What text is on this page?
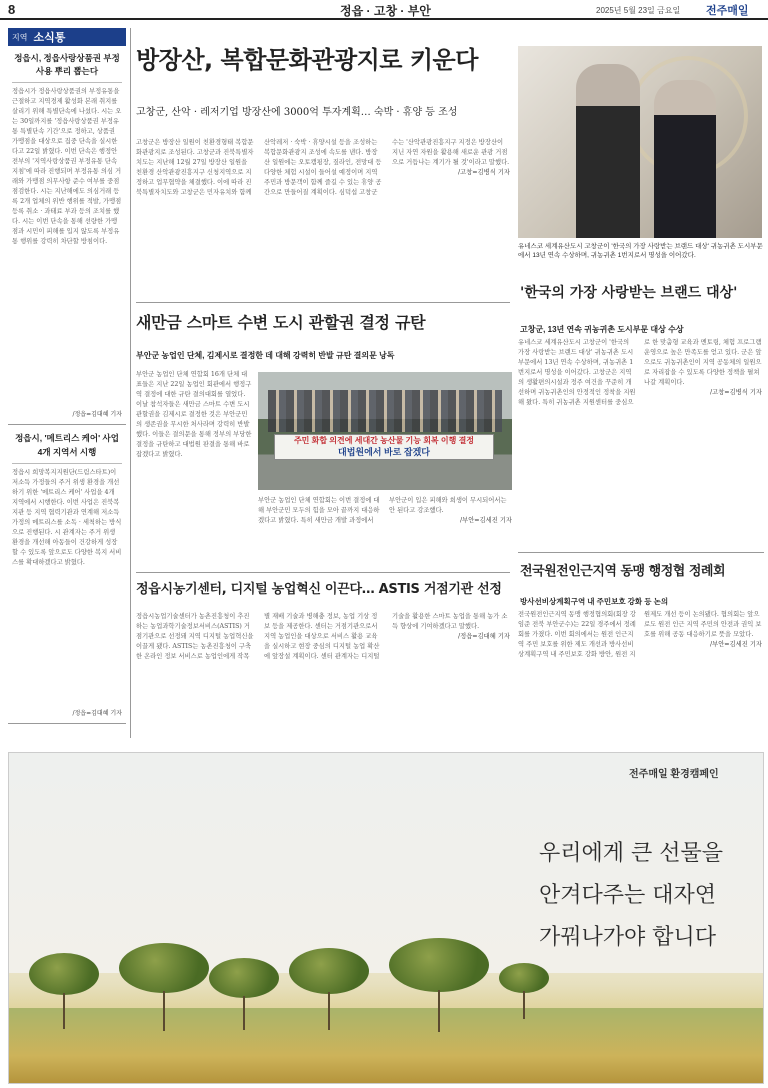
8	정읍 · 고창 · 부안	2025년 5월 23일 금요일 전주매일
지역 소식통
정읍시, 정읍사랑상품권 부정사용 뿌리 뽑는다
정읍시가 정읍사랑상품권의 부정유통을 근절하고 지역경제 활성화 본래 취지를 살리기 위해 특별단속에 나섰다. 시는 오는 30일까지를 '정읍사랑상품권 부정유통 특별단속 기간'으로 정하고, 상품권 가맹점을 대상으로 집중 단속을 실시한다고 22일 밝혔다. 이번 단속은 행정안전부의 '지역사랑상품권 부정유통 단속 지침'에 따라 진행되며 부정유통 의심 거래와 가맹점 의무사항 준수 여부를 중점 점검한다. 시는 지난해에도 의심거래 등록 2개 업체의 위반 행위를 적발, 가맹점 등록 취소 · 과태료 부과 등의 조치를 했다. 시는 이번 단속을 통해 선량한 가맹점과 시민이 피해를 입지 않도록 부정유통 행위를 강력히 차단할 방침이다.
/정읍=김대혜 기자
정읍시, '메트리스 케어' 사업 4개 지역서 시행
정읍시 희망복지지원단(드림스타트)이 저소득 가정들의 주거 위생 환경을 개선하기 위한 '메트리스 케어' 사업을 4개 지역에서 시행한다. 이번 사업은 진북복지관 등 지역 협력기관과 연계해 저소득 가정의 메트리스를 소독 · 세척하는 방식으로 진행된다. 시 관계자는 주거 위생 환경을 개선해 아동들이 건강하게 성장할 수 있도록 앞으로도 다양한 복지 서비스를 확대하겠다고 밝혔다.
/정읍=김대혜 기자
방장산, 복합문화관광지로 키운다
고창군, 산악 · 레저기업 방장산에 3000억 투자계획… 숙박 · 휴양 등 조성
고창군은 방장산 일원이 친환경형태 복합문화관광지로 조성된다. 고창군과 진북특별자치도는 지난해 12월 27일 방장산 일원을 친환경 산악관광진흥지구 신청지역으로 지정하고 업무협약을 체결했다. 이에 따라 진북특별자치도와 고창군은 민자유치와 함께 산악레저 · 숙박 · 휴양시설 등을 조성하는 복합문화관광지 조성에 속도를 낸다. 방장산 일원에는 오토캠핑장, 짚라인, 전망대 등 다양한 체험 시설이 들어설 예정이며 지역 주민과 방문객이 함께 즐길 수 있는 휴양 공간으로 만들어질 계획이다. 심덕섭 고창군수는 '산악관광진흥지구 지정은 방장산이 지닌 자연 자원을 활용해 새로운 관광 거점으로 거듭나는 계기가 될 것'이라고 말했다.
/고창=김병식 기자
유네스코 세계유산도시 고창군이 '한국의 가장 사랑받는 브랜드 대상' 귀농귀촌 도시부문에서 13년 연속 수상하며, 귀농귀촌 1번지로서 명성을 이어갔다.
'한국의 가장 사랑받는 브랜드 대상'
고창군, 13년 연속 귀농귀촌 도시부문 대상 수상
유네스코 세계유산도시 고창군이 '한국의 가장 사랑받는 브랜드 대상' 귀농귀촌 도시부문에서 13년 연속 수상하며, 귀농귀촌 1번지로서 명성을 이어갔다. 고창군은 지역의 생활편의시설과 정주 여건을 꾸준히 개선하며 귀농귀촌인의 안정적인 정착을 지원해 왔다. 특히 귀농귀촌 지원센터를 중심으로 한 맞춤형 교육과 멘토링, 체험 프로그램 운영으로 높은 만족도를 얻고 있다. 군은 앞으로도 귀농귀촌인이 지역 공동체의 일원으로 자리잡을 수 있도록 다양한 정책을 펼쳐나갈 계획이다.
/고창=김병식 기자
새만금 스마트 수변 도시 관할권 결정 규탄
부안군 농업인 단체, 김제시로 결정한 데 대해 강력히 반발 규탄 결의문 낭독
부안군 농업인 단체 연합회 16개 단체 대표들은 지난 22일 농업인 회관에서 행정구역 결정에 대한 규탄 결의대회를 열었다. 이날 참석자들은 새만금 스마트 수변 도시 관할권을 김제시로 결정한 것은 부안군민의 생존권을 무시한 처사라며 강력히 반발했다. 이들은 결의문을 통해 정부의 부당한 결정을 규탄하고 대법원 판결을 통해 바로잡겠다고 밝혔다.
주민 화합 의견에 세대간 농산물 기능 회복 이행 결정
대법원에서 바로 잡겠다
부안군 농업인 단체 연합회는 이번 결정에 대해 부안군민 모두의 힘을 모아 끝까지 대응하겠다고 밝혔다. 특히 새만금 개발 과정에서 부안군이 입은 피해와 희생이 무시되어서는 안 된다고 강조했다.
/부안=김세진 기자
정읍시농기센터, 디지털 농업혁신 이끈다… ASTIS 거점기관 선정
정읍시농업기술센터가 농촌진흥청이 추진하는 농업과학기술정보서비스(ASTIS) 거점기관으로 선정돼 지역 디지털 농업혁신을 이끌게 됐다. ASTIS는 농촌진흥청이 구축한 온라인 정보 서비스로 농업인에게 작목별 재배 기술과 병해충 정보, 농업 기상 정보 등을 제공한다. 센터는 거점기관으로서 지역 농업인을 대상으로 서비스 활용 교육을 실시하고 현장 중심의 디지털 농업 확산에 앞장설 계획이다. 센터 관계자는 디지털 기술을 활용한 스마트 농업을 통해 농가 소득 향상에 기여하겠다고 말했다.
/정읍=김대혜 기자
전국원전인근지역 동맹 행정협 정례회
방사선비상계획구역 내 주민보호 강화 등 논의
전국원전인근지역 동맹 행정협의회(회장 강임준 전북 부안군수)는 22일 경주에서 정례회를 가졌다. 이번 회의에서는 원전 인근지역 주민 보호를 위한 제도 개선과 방사선비상계획구역 내 주민보호 강화 방안, 원전 지원제도 개선 등이 논의됐다. 협의회는 앞으로도 원전 인근 지역 주민의 안전과 권익 보호를 위해 공동 대응하기로 뜻을 모았다.
/부안=김세진 기자
전주매일 환경캠페인
우리에게 큰 선물을
안겨다주는 대자연
가꿔나가야 합니다
